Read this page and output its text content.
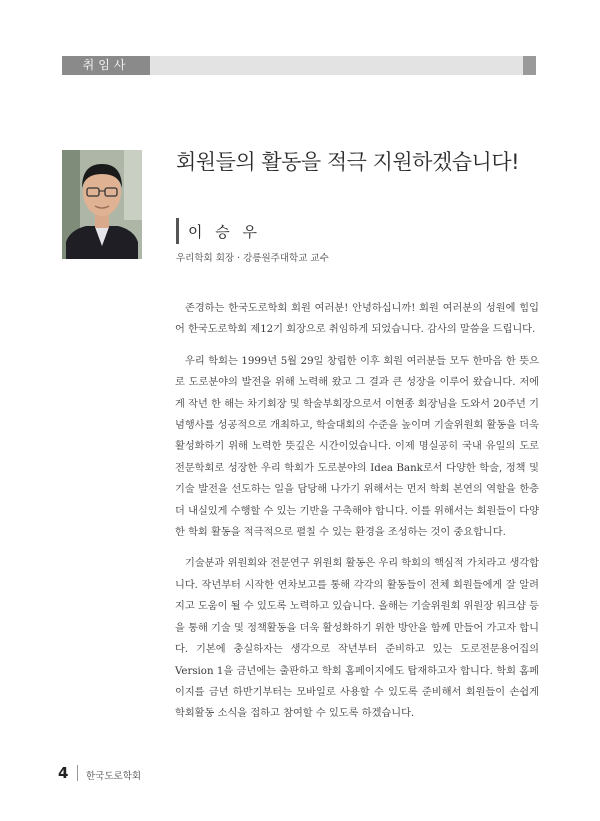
취임사
회원들의 활동을 적극 지원하겠습니다!
이 승 우
우리학회 회장 · 강릉원주대학교 교수

존경하는 한국도로학회 회원 여러분! 안녕하십니까! 회원 여러분의 성원에 힘입어 한국도로학회 제12기 회장으로 취임하게 되었습니다. 감사의 말씀을 드립니다.

우리 학회는 1999년 5월 29일 창립한 이후 회원 여러분들 모두 한마음 한 뜻으로 도로분야의 발전을 위해 노력해 왔고 그 결과 큰 성장을 이루어 왔습니다. 저에게 작년 한 해는 차기회장 및 학술부회장으로서 이현종 회장님을 도와서 20주년 기념행사를 성공적으로 개최하고, 학술대회의 수준을 높이며 기술위원회 활동을 더욱 활성화하기 위해 노력한 뜻깊은 시간이었습니다. 이제 명실공히 국내 유일의 도로 전문학회로 성장한 우리 학회가 도로분야의 Idea Bank로서 다양한 학술, 정책 및 기술 발전을 선도하는 일을 담당해 나가기 위해서는 먼저 학회 본연의 역할을 한층 더 내실있게 수행할 수 있는 기반을 구축해야 합니다. 이를 위해서는 회원들이 다양한 학회 활동을 적극적으로 펼칠 수 있는 환경을 조성하는 것이 중요합니다.

기술분과 위원회와 전문연구 위원회 활동은 우리 학회의 핵심적 가치라고 생각합니다. 작년부터 시작한 연차보고를 통해 각각의 활동들이 전체 회원들에게 잘 알려지고 도움이 될 수 있도록 노력하고 있습니다. 올해는 기술위원회 위원장 워크샵 등을 통해 기술 및 정책활동을 더욱 활성화하기 위한 방안을 함께 만들어 가고자 합니다. 기본에 충실하자는 생각으로 작년부터 준비하고 있는 도로전문용어집의 Version 1을 금년에는 출판하고 학회 홈페이지에도 탑재하고자 합니다. 학회 홈페이지를 금년 하반기부터는 모바일로 사용할 수 있도록 준비해서 회원들이 손쉽게 학회활동 소식을 접하고 참여할 수 있도록 하겠습니다.

4 한국도로학회
